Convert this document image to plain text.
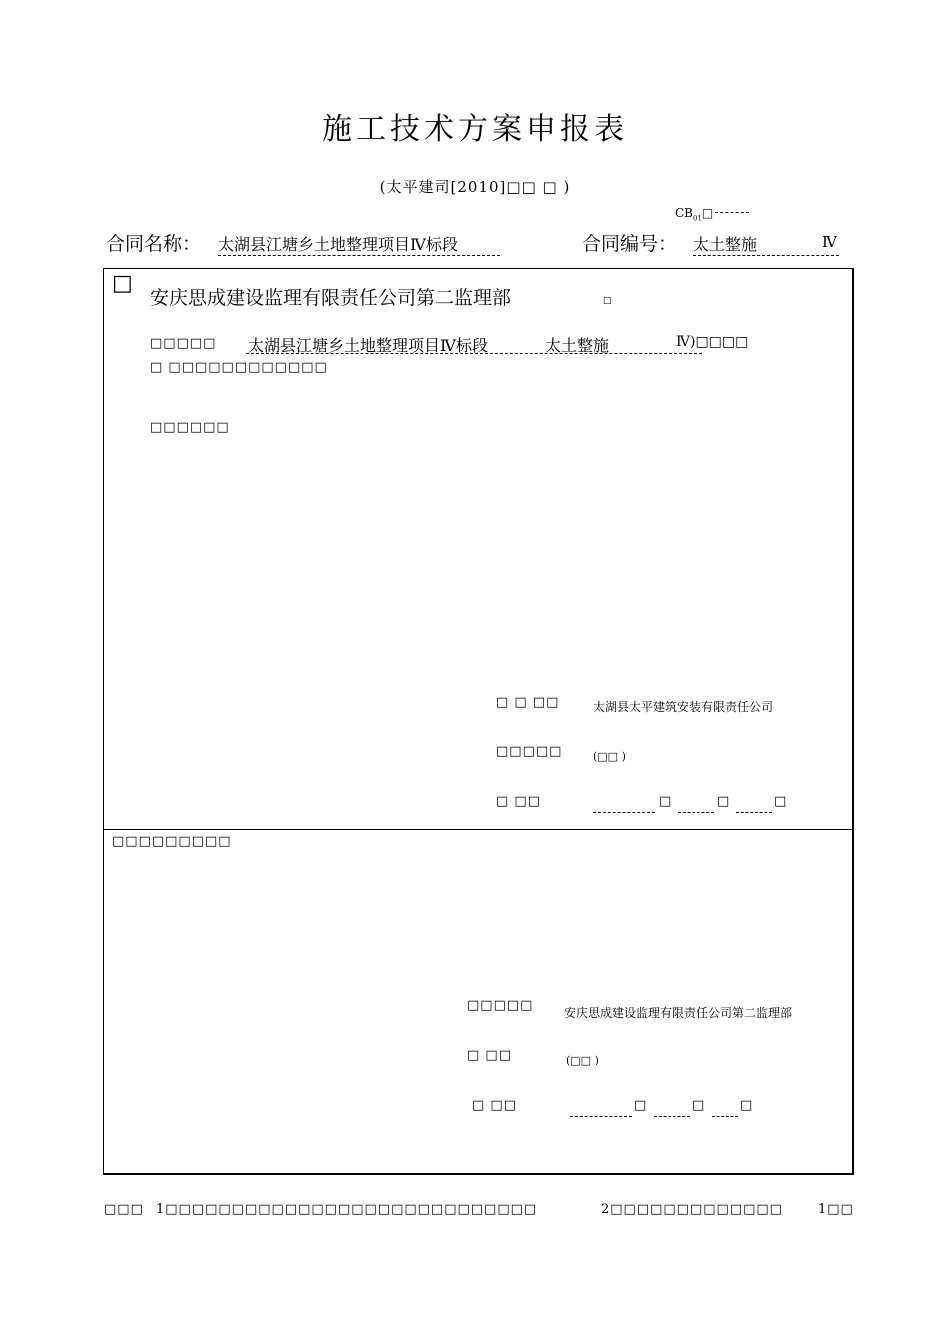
施工技术方案申报表
(太平建司[2010]□□ □ )
$CB_{01}□$
合同名称： 太湖县江塘乡土地整理项目Ⅳ标段	合同编号： 太土整施	Ⅳ
□
安庆思成建设监理有限责任公司第二监理部	□
□□□□□ 太湖县江塘乡土地整理项目Ⅳ标段	太土整施	Ⅳ)□□□□
□ □□□□□□□□□□□□
□□□□□□
□ □ □□	太湖县太平建筑安装有限责任公司
□□□□□	(□□ )
□ □□	□	□	□
□□□□□□□□□
□□□□□	安庆思成建设监理有限责任公司第二监理部
□ □□	(□□ )
□ □□	□	□	□
□□□ 1□□□□□□□□□□□□□□□□□□□□□□□□□□□□	2□□□□□□□□□□□□□	1□□
